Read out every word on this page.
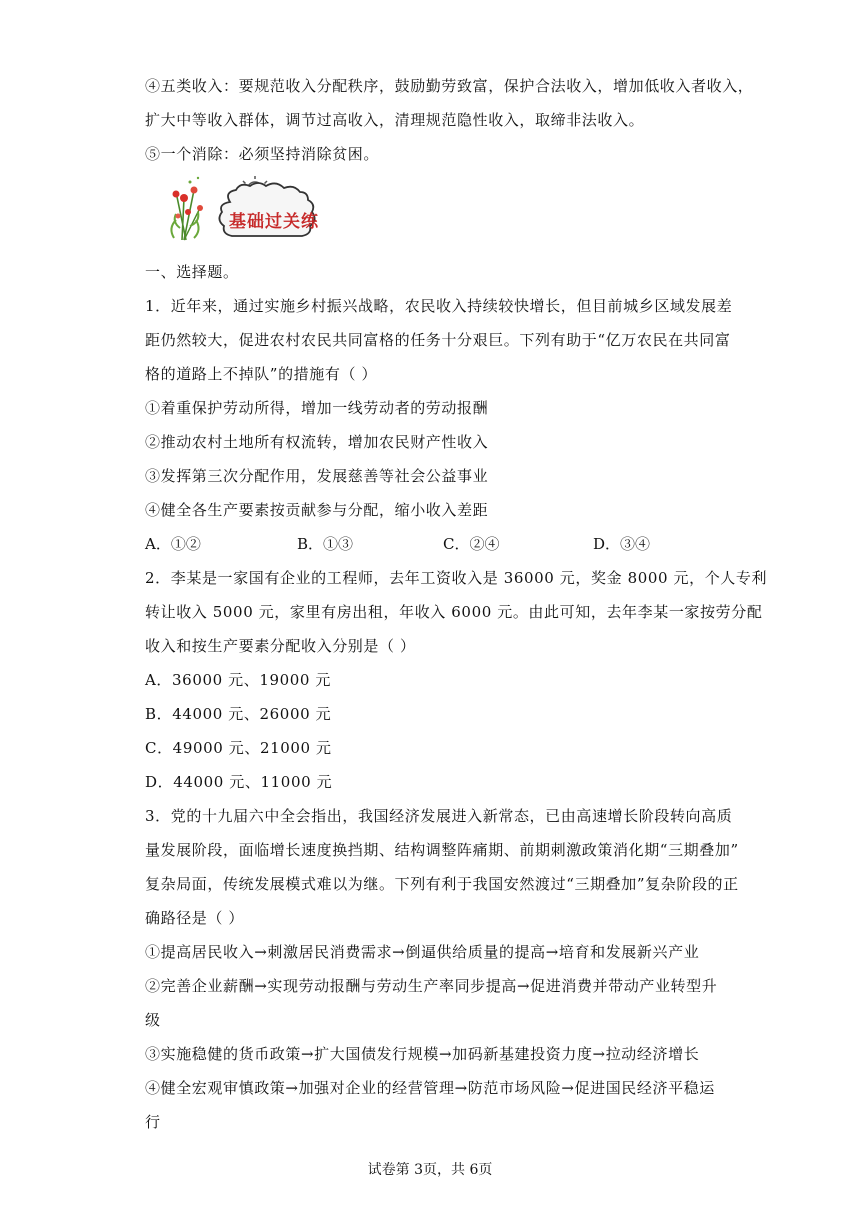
④五类收入：要规范收入分配秩序，鼓励勤劳致富，保护合法收入，增加低收入者收入，
扩大中等收入群体，调节过高收入，清理规范隐性收入，取缔非法收入。
⑤一个消除：必须坚持消除贫困。
基础过关练
一、选择题。
1．近年来，通过实施乡村振兴战略，农民收入持续较快增长，但目前城乡区域发展差
距仍然较大，促进农村农民共同富格的任务十分艰巨。下列有助于“亿万农民在共同富
格的道路上不掉队”的措施有（ ）
①着重保护劳动所得，增加一线劳动者的劳动报酬
②推动农村土地所有权流转，增加农民财产性收入
③发挥第三次分配作用，发展慈善等社会公益事业
④健全各生产要素按贡献参与分配，缩小收入差距
A．①②	B．①③	C．②④	D．③④
2．李某是一家国有企业的工程师，去年工资收入是 36000 元，奖金 8000 元，个人专利
转让收入 5000 元，家里有房出租，年收入 6000 元。由此可知，去年李某一家按劳分配
收入和按生产要素分配收入分别是（ ）
A．36000 元、19000 元
B．44000 元、26000 元
C．49000 元、21000 元
D．44000 元、11000 元
3．党的十九届六中全会指出，我国经济发展进入新常态，已由高速增长阶段转向高质
量发展阶段，面临增长速度换挡期、结构调整阵痛期、前期刺激政策消化期“三期叠加”
复杂局面，传统发展模式难以为继。下列有利于我国安然渡过“三期叠加”复杂阶段的正
确路径是（ ）
①提高居民收入→刺激居民消费需求→倒逼供给质量的提高→培育和发展新兴产业
②完善企业薪酬→实现劳动报酬与劳动生产率同步提高→促进消费并带动产业转型升
级
③实施稳健的货币政策→扩大国债发行规模→加码新基建投资力度→拉动经济增长
④健全宏观审慎政策→加强对企业的经营管理→防范市场风险→促进国民经济平稳运
行
试卷第 3页，共 6页
